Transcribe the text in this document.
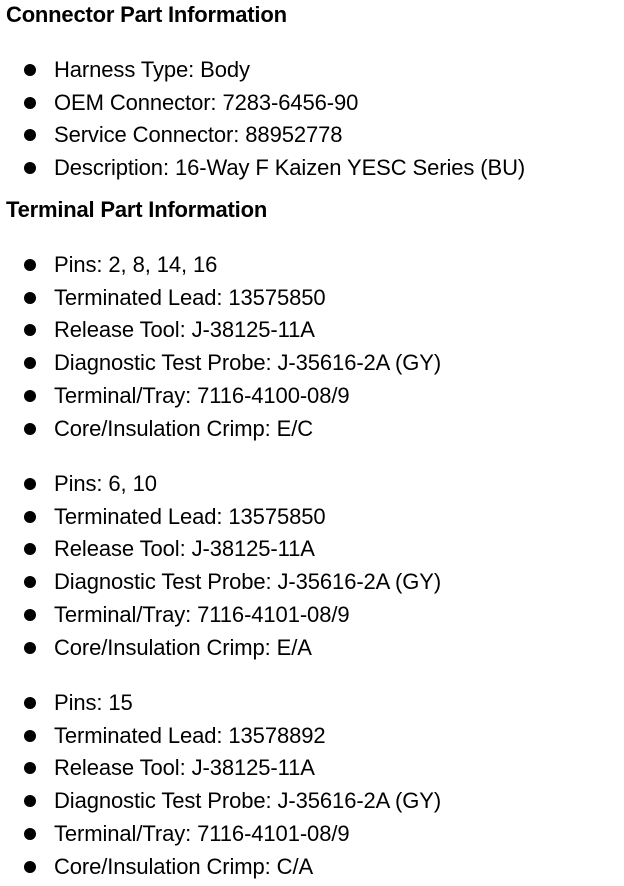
Connector Part Information
Harness Type: Body
OEM Connector: 7283-6456-90
Service Connector: 88952778
Description: 16-Way F Kaizen YESC Series (BU)
Terminal Part Information
Pins: 2, 8, 14, 16
Terminated Lead: 13575850
Release Tool: J-38125-11A
Diagnostic Test Probe: J-35616-2A (GY)
Terminal/Tray: 7116-4100-08/9
Core/Insulation Crimp: E/C
Pins: 6, 10
Terminated Lead: 13575850
Release Tool: J-38125-11A
Diagnostic Test Probe: J-35616-2A (GY)
Terminal/Tray: 7116-4101-08/9
Core/Insulation Crimp: E/A
Pins: 15
Terminated Lead: 13578892
Release Tool: J-38125-11A
Diagnostic Test Probe: J-35616-2A (GY)
Terminal/Tray: 7116-4101-08/9
Core/Insulation Crimp: C/A
